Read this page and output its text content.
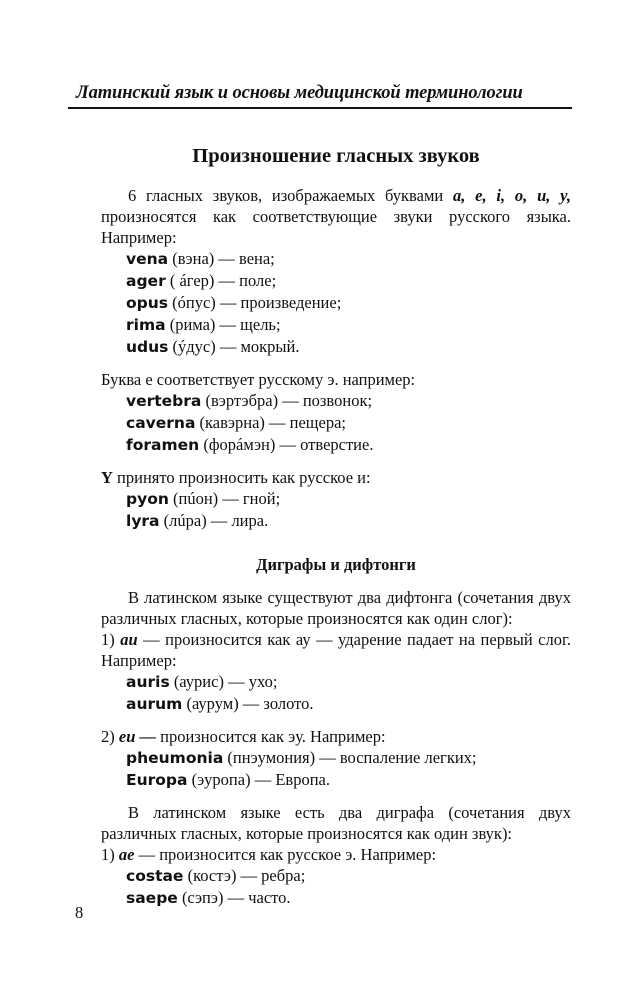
Латинский язык и основы медицинской терминологии
Произношение гласных звуков

6 гласных звуков, изображаемых буквами a, e, i, o, u, y, произносятся как соответствующие звуки русского языка. Например:

vena (вэна) — вена;
ager ( áгер) — поле;
opus (óпус) — произведение;
rima (рима) — щель;
udus (ýдус) — мокрый.

Буква е соответствует русскому э. например:

vertebra (вэртэбра) — позвонок;
caverna (кавэрна) — пещера;
foramen (форáмэн) — отверстие.

Y принято произносить как русское и:

pyon (пúон) — гной;
lyra (лúра) — лира.
Диграфы и дифтонги

В латинском языке существуют два дифтонга (сочетания двух различных гласных, которые произносятся как один слог):

1) au — произносится как ау — ударение падает на первый слог. Например:

auris (аурис) — ухо;
aurum (аурум) — золото.

2) eu — произносится как эу. Например:

pheumonia (пнэумония) — воспаление легких;
Europa (эуропа) — Европа.

В латинском языке есть два диграфа (сочетания двух различных гласных, которые произносятся как один звук):

1) ae — произносится как русское э. Например:

costae (костэ) — ребра;
saepe (сэпэ) — часто.
8
